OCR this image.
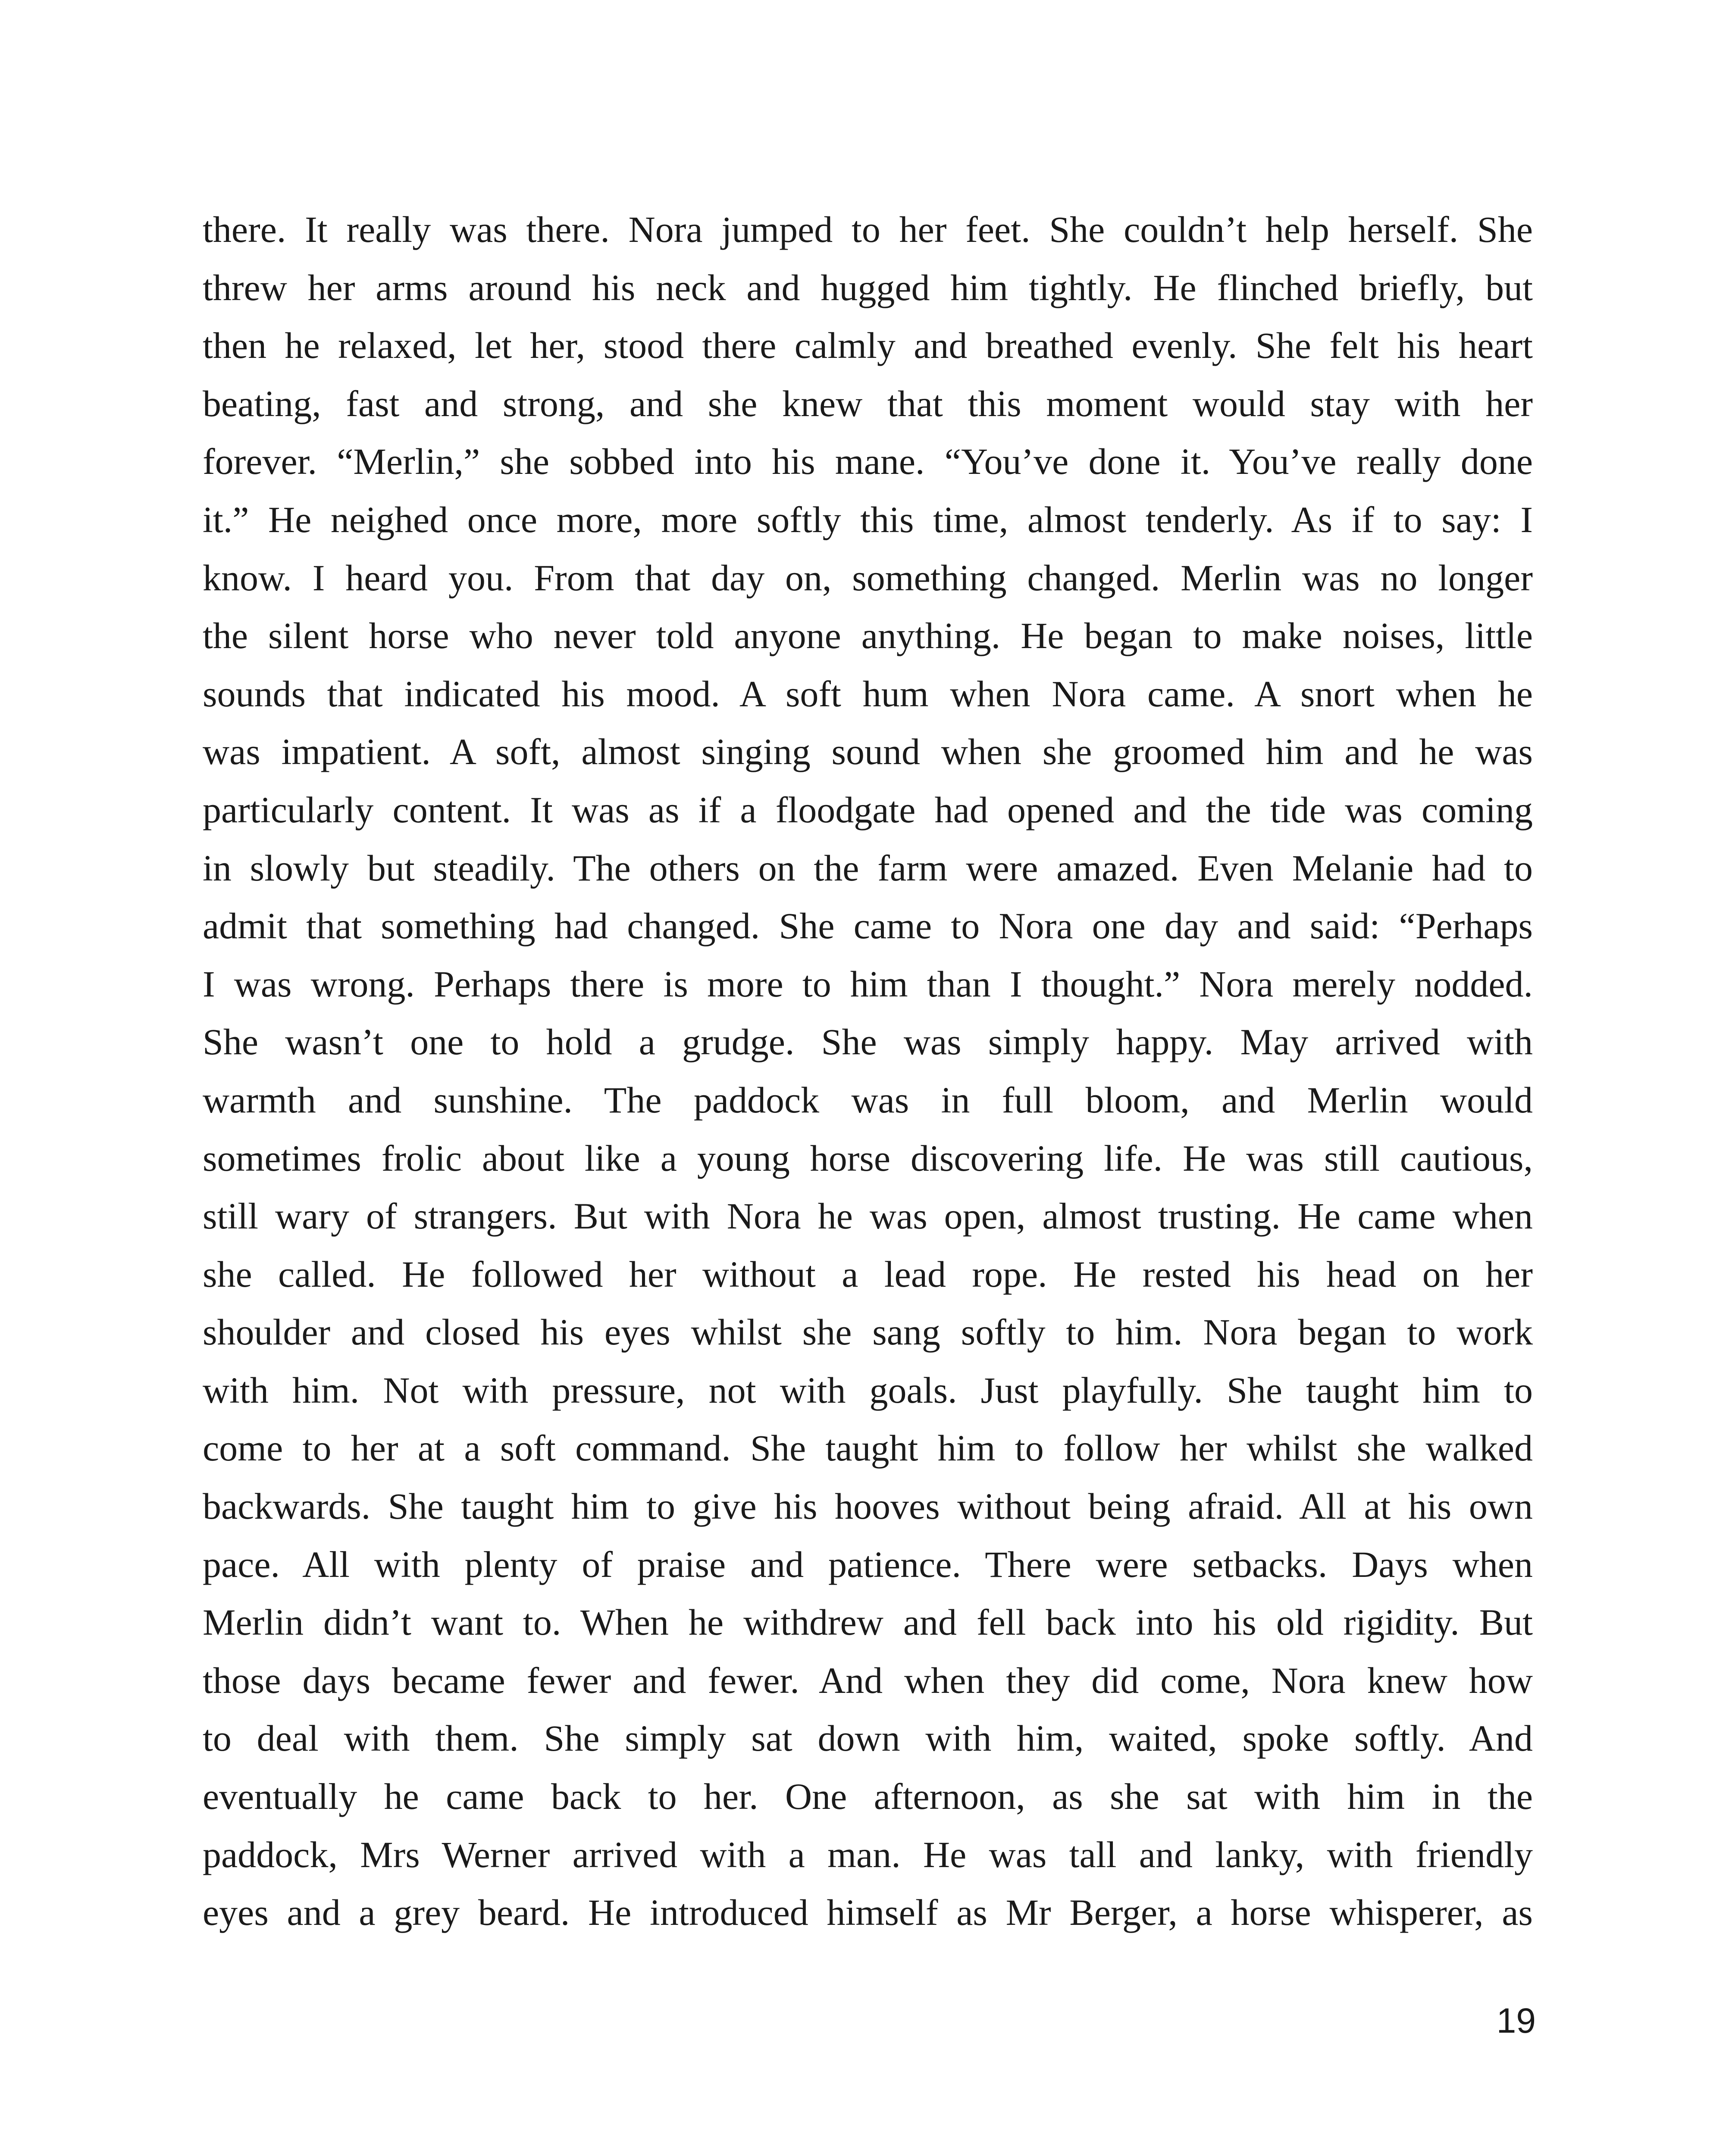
there. It really was there. Nora jumped to her feet. She couldn’t help herself. She
threw her arms around his neck and hugged him tightly. He flinched briefly, but
then he relaxed, let her, stood there calmly and breathed evenly. She felt his heart
beating, fast and strong, and she knew that this moment would stay with her
forever. “Merlin,” she sobbed into his mane. “You’ve done it. You’ve really done
it.” He neighed once more, more softly this time, almost tenderly. As if to say: I
know. I heard you. From that day on, something changed. Merlin was no longer
the silent horse who never told anyone anything. He began to make noises, little
sounds that indicated his mood. A soft hum when Nora came. A snort when he
was impatient. A soft, almost singing sound when she groomed him and he was
particularly content. It was as if a floodgate had opened and the tide was coming
in slowly but steadily. The others on the farm were amazed. Even Melanie had to
admit that something had changed. She came to Nora one day and said: “Perhaps
I was wrong. Perhaps there is more to him than I thought.” Nora merely nodded.
She wasn’t one to hold a grudge. She was simply happy. May arrived with
warmth and sunshine. The paddock was in full bloom, and Merlin would
sometimes frolic about like a young horse discovering life. He was still cautious,
still wary of strangers. But with Nora he was open, almost trusting. He came when
she called. He followed her without a lead rope. He rested his head on her
shoulder and closed his eyes whilst she sang softly to him. Nora began to work
with him. Not with pressure, not with goals. Just playfully. She taught him to
come to her at a soft command. She taught him to follow her whilst she walked
backwards. She taught him to give his hooves without being afraid. All at his own
pace. All with plenty of praise and patience. There were setbacks. Days when
Merlin didn’t want to. When he withdrew and fell back into his old rigidity. But
those days became fewer and fewer. And when they did come, Nora knew how
to deal with them. She simply sat down with him, waited, spoke softly. And
eventually he came back to her. One afternoon, as she sat with him in the
paddock, Mrs Werner arrived with a man. He was tall and lanky, with friendly
eyes and a grey beard. He introduced himself as Mr Berger, a horse whisperer, as

19
